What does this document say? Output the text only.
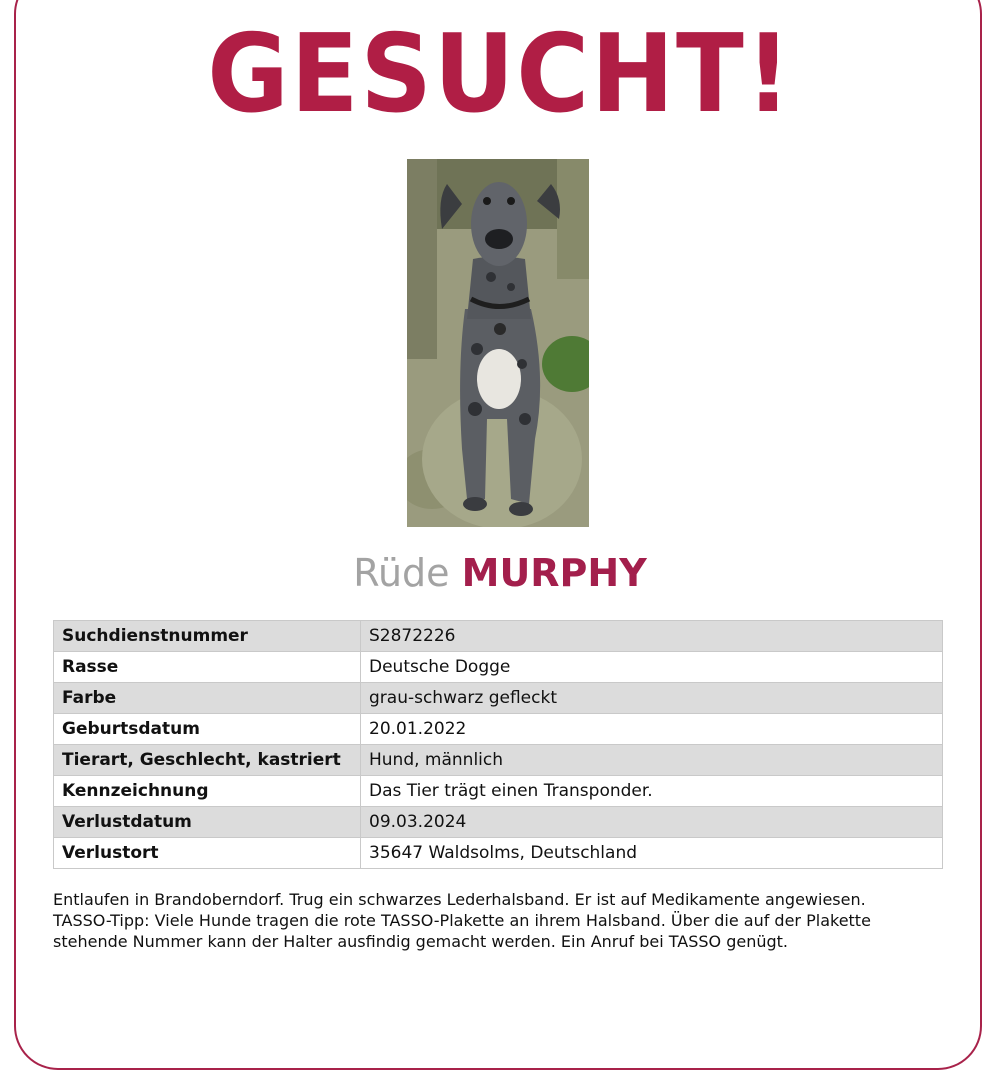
GESUCHT!
Rüde MURPHY
Suchdienstnummer	S2872226
Rasse	Deutsche Dogge
Farbe	grau-schwarz gefleckt
Geburtsdatum	20.01.2022
Tierart, Geschlecht, kastriert	Hund, männlich
Kennzeichnung	Das Tier trägt einen Transponder.
Verlustdatum	09.03.2024
Verlustort	35647 Waldsolms, Deutschland

Entlaufen in Brandoberndorf. Trug ein schwarzes Lederhalsband. Er ist auf Medikamente angewiesen.

TASSO-Tipp: Viele Hunde tragen die rote TASSO-Plakette an ihrem Halsband. Über die auf der Plakette

stehende Nummer kann der Halter ausfindig gemacht werden. Ein Anruf bei TASSO genügt.
